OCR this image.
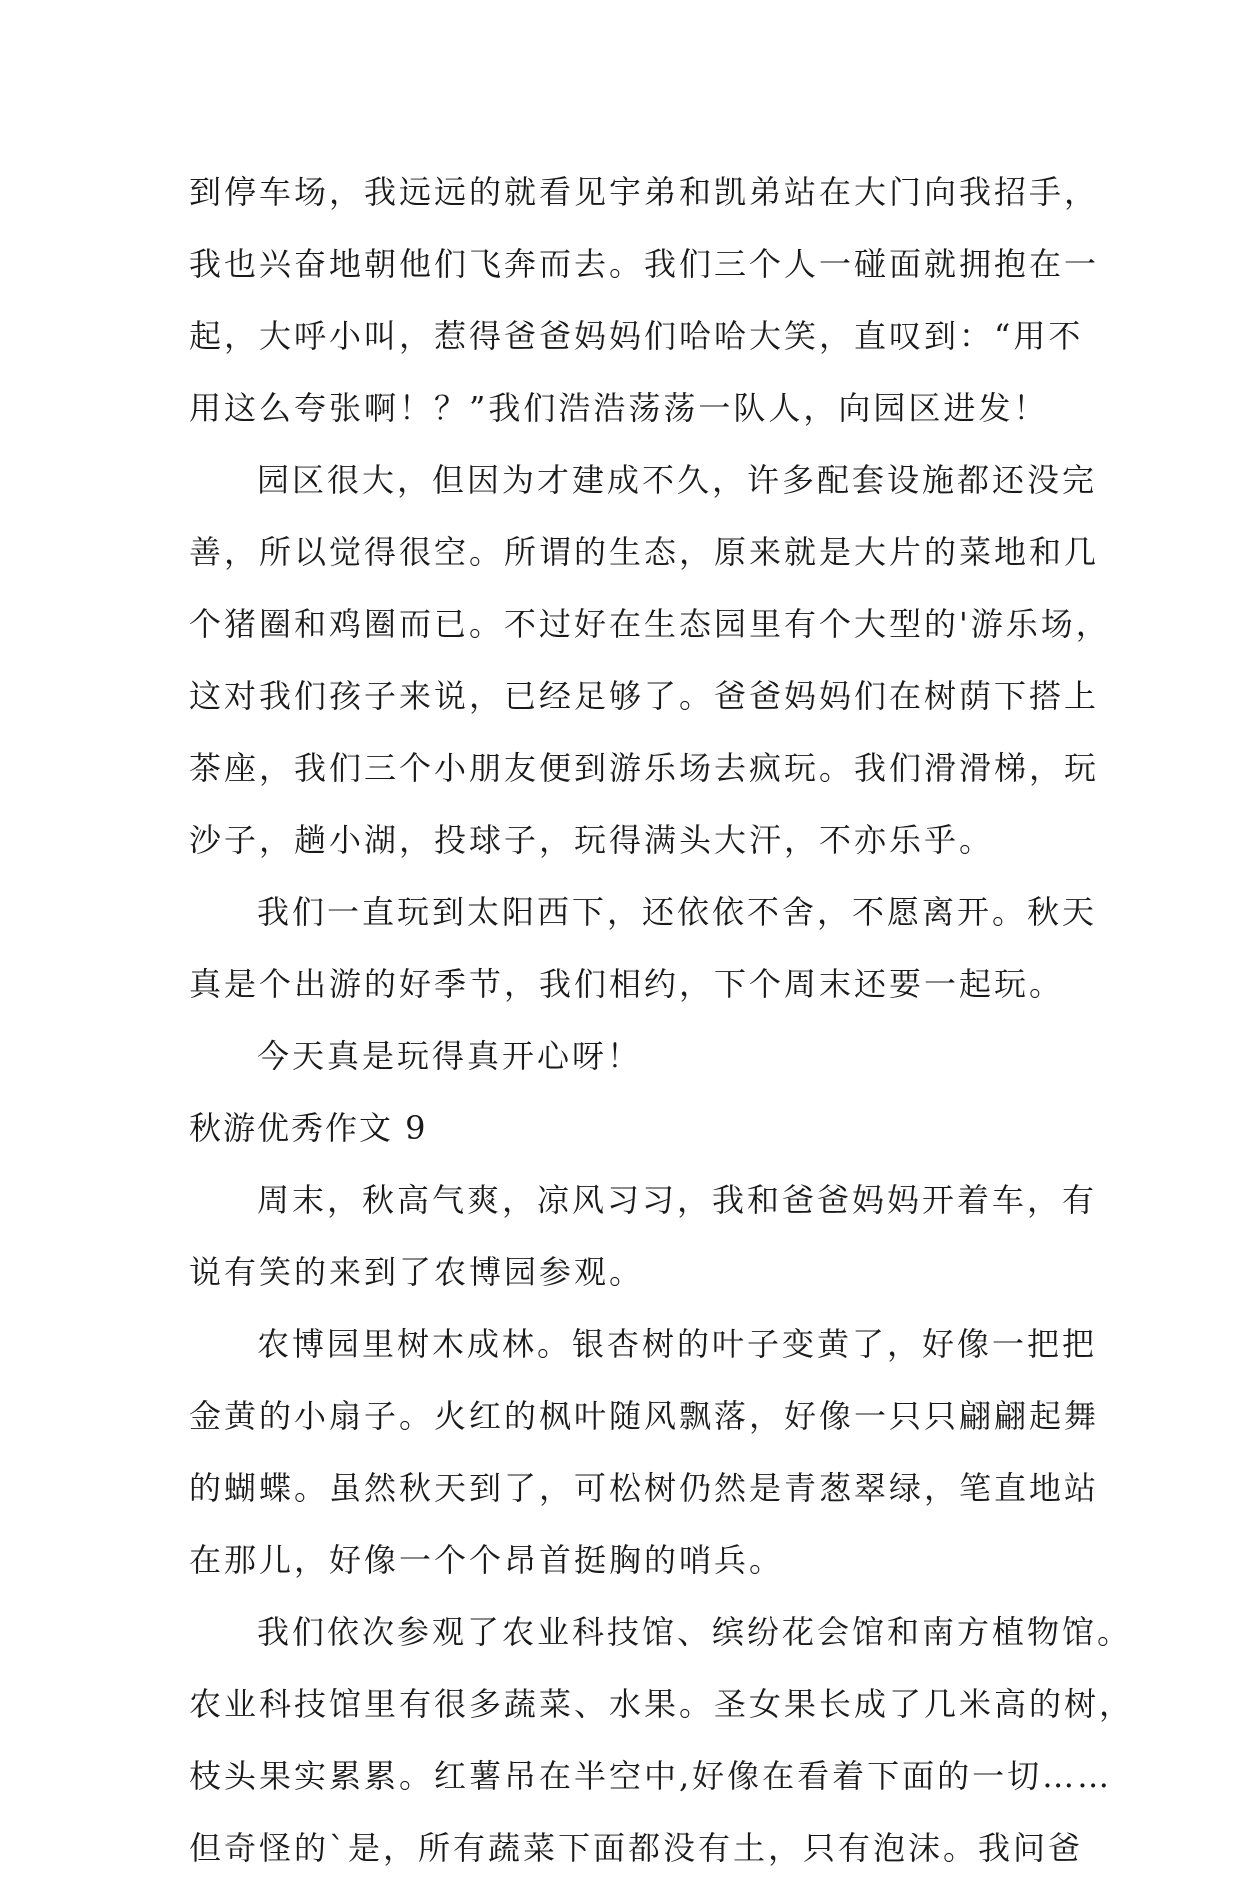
到停车场，我远远的就看见宇弟和凯弟站在大门向我招手，
我也兴奋地朝他们飞奔而去。我们三个人一碰面就拥抱在一
起，大呼小叫，惹得爸爸妈妈们哈哈大笑，直叹到：“用不
用这么夸张啊！？”我们浩浩荡荡一队人，向园区进发！
园区很大，但因为才建成不久，许多配套设施都还没完
善，所以觉得很空。所谓的生态，原来就是大片的菜地和几
个猪圈和鸡圈而已。不过好在生态园里有个大型的'游乐场，
这对我们孩子来说，已经足够了。爸爸妈妈们在树荫下搭上
茶座，我们三个小朋友便到游乐场去疯玩。我们滑滑梯，玩
沙子，趟小湖，投球子，玩得满头大汗，不亦乐乎。
我们一直玩到太阳西下，还依依不舍，不愿离开。秋天
真是个出游的好季节，我们相约，下个周末还要一起玩。
今天真是玩得真开心呀！
秋游优秀作文 9
周末，秋高气爽，凉风习习，我和爸爸妈妈开着车，有
说有笑的来到了农博园参观。
农博园里树木成林。银杏树的叶子变黄了，好像一把把
金黄的小扇子。火红的枫叶随风飘落，好像一只只翩翩起舞
的蝴蝶。虽然秋天到了，可松树仍然是青葱翠绿，笔直地站
在那儿，好像一个个昂首挺胸的哨兵。
我们依次参观了农业科技馆、缤纷花会馆和南方植物馆。
农业科技馆里有很多蔬菜、水果。圣女果长成了几米高的树，
枝头果实累累。红薯吊在半空中,好像在看着下面的一切……
但奇怪的`是，所有蔬菜下面都没有土，只有泡沫。我问爸
